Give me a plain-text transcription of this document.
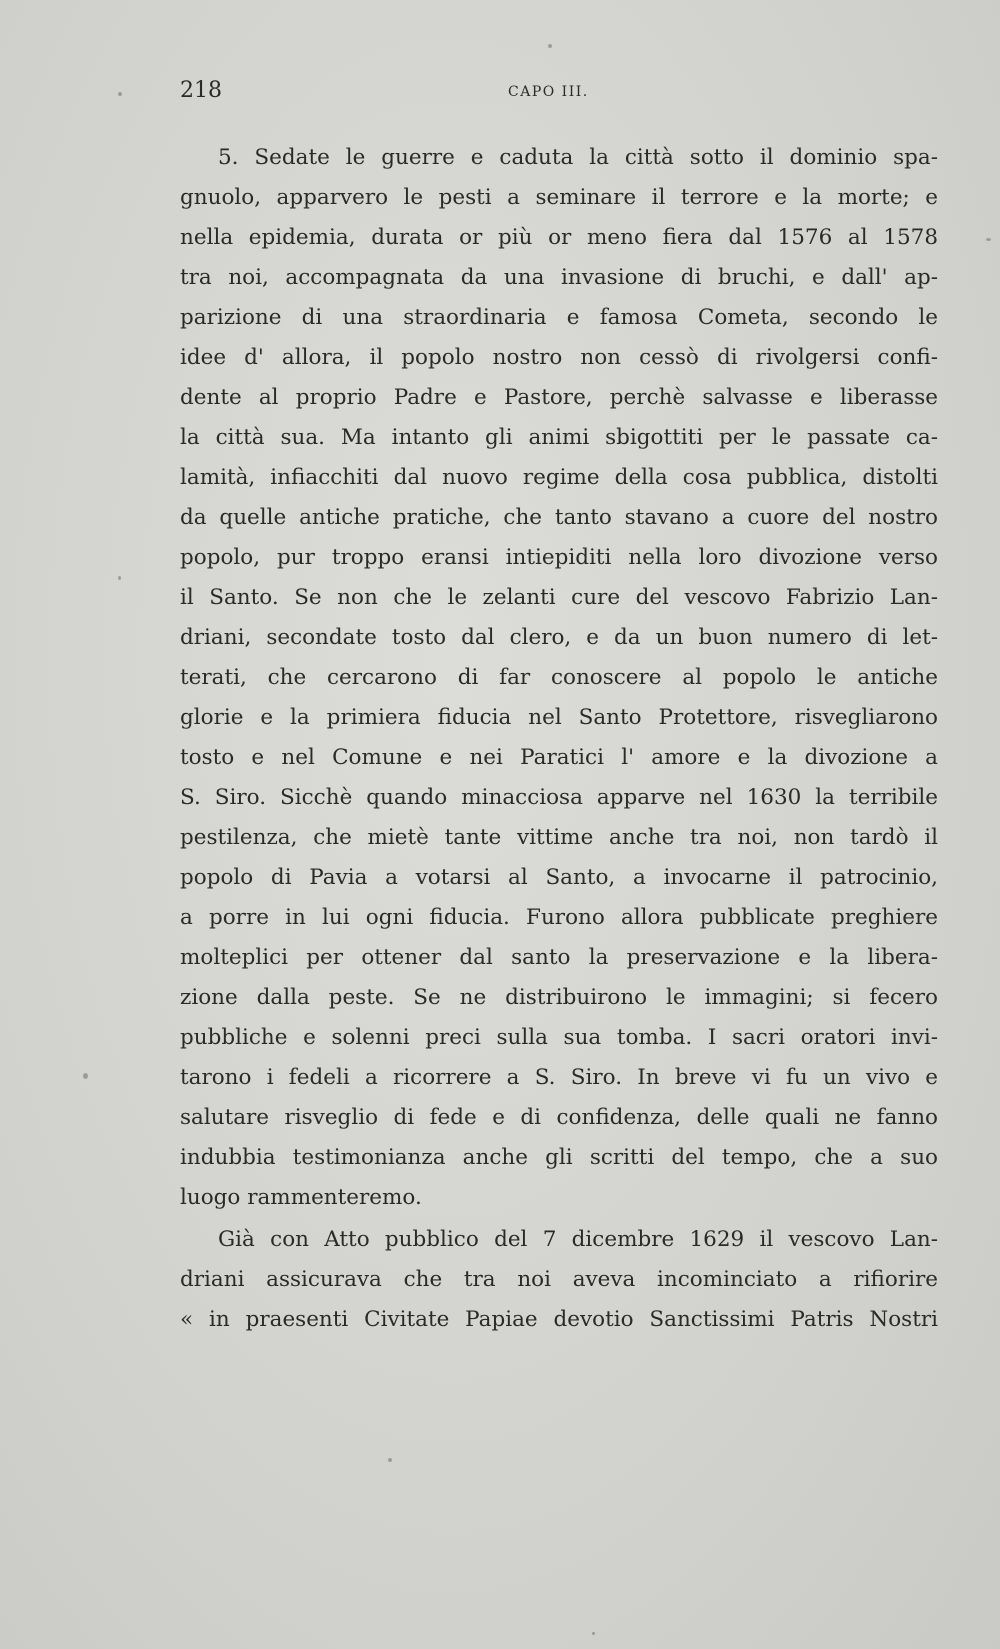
218	CAPO III.
5. Sedate le guerre e caduta la città sotto il dominio spa-
gnuolo, apparvero le pesti a seminare il terrore e la morte; e
nella epidemia, durata or più or meno fiera dal 1576 al 1578
tra noi, accompagnata da una invasione di bruchi, e dall' ap-
parizione di una straordinaria e famosa Cometa, secondo le
idee d' allora, il popolo nostro non cessò di rivolgersi confi-
dente al proprio Padre e Pastore, perchè salvasse e liberasse
la città sua. Ma intanto gli animi sbigottiti per le passate ca-
lamità, infiacchiti dal nuovo regime della cosa pubblica, distolti
da quelle antiche pratiche, che tanto stavano a cuore del nostro
popolo, pur troppo eransi intiepiditi nella loro divozione verso
il Santo. Se non che le zelanti cure del vescovo Fabrizio Lan-
driani, secondate tosto dal clero, e da un buon numero di let-
terati, che cercarono di far conoscere al popolo le antiche
glorie e la primiera fiducia nel Santo Protettore, risvegliarono
tosto e nel Comune e nei Paratici l' amore e la divozione a
S. Siro. Sicchè quando minacciosa apparve nel 1630 la terribile
pestilenza, che mietè tante vittime anche tra noi, non tardò il
popolo di Pavia a votarsi al Santo, a invocarne il patrocinio,
a porre in lui ogni fiducia. Furono allora pubblicate preghiere
molteplici per ottener dal santo la preservazione e la libera-
zione dalla peste. Se ne distribuirono le immagini; si fecero
pubbliche e solenni preci sulla sua tomba. I sacri oratori invi-
tarono i fedeli a ricorrere a S. Siro. In breve vi fu un vivo e
salutare risveglio di fede e di confidenza, delle quali ne fanno
indubbia testimonianza anche gli scritti del tempo, che a suo
luogo rammenteremo.
Già con Atto pubblico del 7 dicembre 1629 il vescovo Lan-
driani assicurava che tra noi aveva incominciato a rifiorire
« in praesenti Civitate Papiae devotio Sanctissimi Patris Nostri
